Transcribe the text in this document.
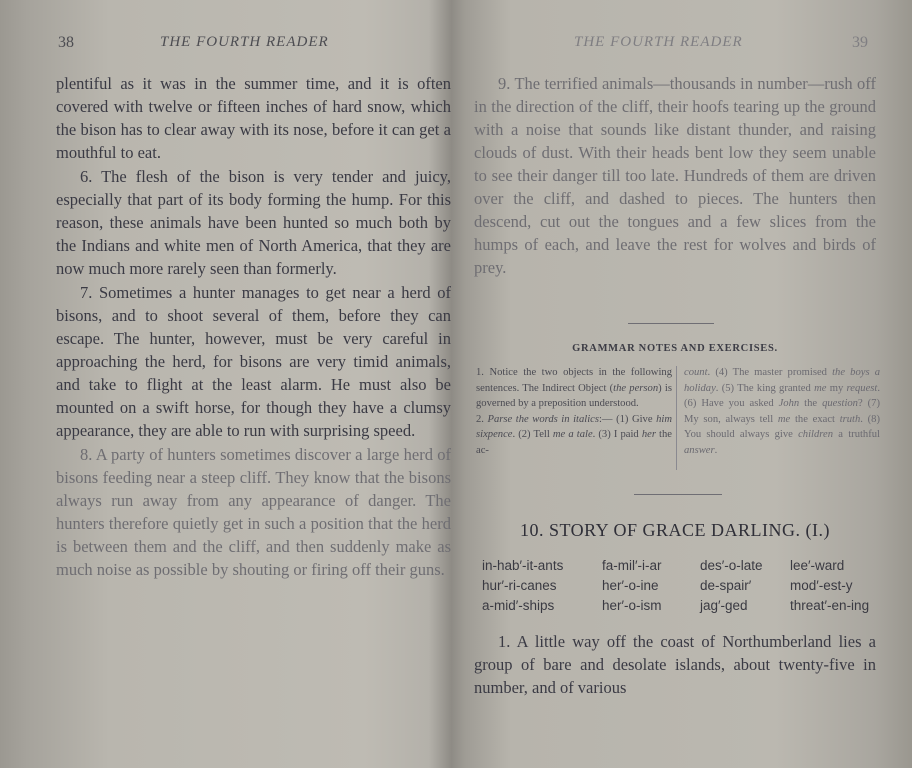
38	THE FOURTH READER

plentiful as it was in the summer time, and it is often covered with twelve or fifteen inches of hard snow, which the bison has to clear away with its nose, before it can get a mouthful to eat.

6. The flesh of the bison is very tender and juicy, especially that part of its body forming the hump. For this reason, these animals have been hunted so much both by the Indians and white men of North America, that they are now much more rarely seen than formerly.

7. Sometimes a hunter manages to get near a herd of bisons, and to shoot several of them, before they can escape. The hunter, however, must be very careful in approaching the herd, for bisons are very timid animals, and take to flight at the least alarm. He must also be mounted on a swift horse, for though they have a clumsy appearance, they are able to run with surprising speed.

8. A party of hunters sometimes discover a large herd of bisons feeding near a steep cliff. They know that the bisons always run away from any appearance of danger. The hunters therefore quietly get in such a position that the herd is between them and the cliff, and then suddenly make as much noise as possible by shouting or firing off their guns.

THE FOURTH READER	39

9. The terrified animals—thousands in number—rush off in the direction of the cliff, their hoofs tearing up the ground with a noise that sounds like distant thunder, and raising clouds of dust. With their heads bent low they seem unable to see their danger till too late. Hundreds of them are driven over the cliff, and dashed to pieces. The hunters then descend, cut out the tongues and a few slices from the humps of each, and leave the rest for wolves and birds of prey.

GRAMMAR NOTES AND EXERCISES.
1. Notice the two objects in the following sentences. The Indirect Object (the person) is governed by a preposition understood.
2. Parse the words in italics:— (1) Give him sixpence. (2) Tell me a tale. (3) I paid her the ac-
count. (4) The master promised the boys a holiday. (5) The king granted me my request. (6) Have you asked John the question? (7) My son, always tell me the exact truth. (8) You should always give children a truthful answer.
10. STORY OF GRACE DARLING. (I.)
in-hab′-it-ants
hur′-ri-canes
a-mid′-ships
fa-mil′-i-ar
her′-o-ine
her′-o-ism
des′-o-late
de-spair′
jag′-ged
lee′-ward
mod′-est-y
threat′-en-ing

1. A little way off the coast of Northumberland lies a group of bare and desolate islands, about twenty-five in number, and of various
